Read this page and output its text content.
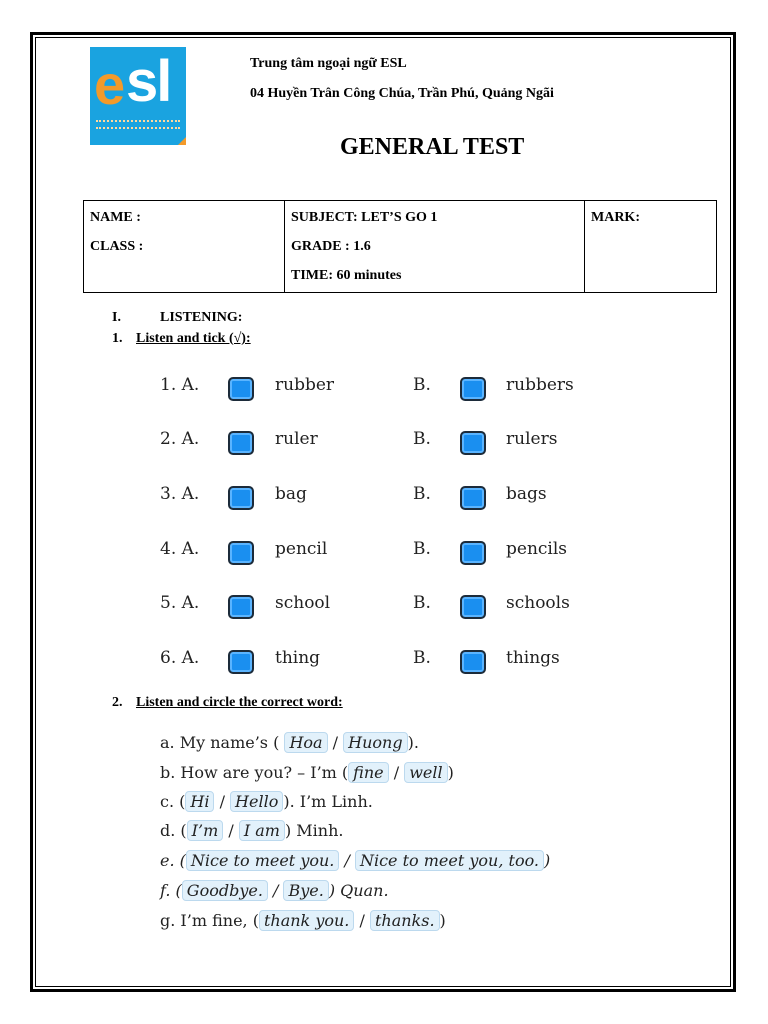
e sl	Trung tâm ngoại ngữ ESL
04 Huyền Trân Công Chúa, Trần Phú, Quảng Ngãi
GENERAL TEST
NAME :
CLASS :

SUBJECT: LET’S GO 1
GRADE : 1.6
TIME: 60 minutes

MARK:
I.	LISTENING:
1. Listen and tick (√):
1. A.	rubber	B.	rubbers
2. A.	ruler	B.	rulers
3. A.	bag	B.	bags
4. A.	pencil	B.	pencils
5. A.	school	B.	schools
6. A.	thing	B.	things
2. Listen and circle the correct word:
a. My name’s ( Hoa / Huong ).
b. How are you? – I’m ( fine / well )
c. ( Hi / Hello ). I’m Linh.
d. ( I’m / I am ) Minh.
e. ( Nice to meet you. / Nice to meet you, too. )
f. ( Goodbye. / Bye. ) Quan.
g. I’m fine, ( thank you. / thanks. )
